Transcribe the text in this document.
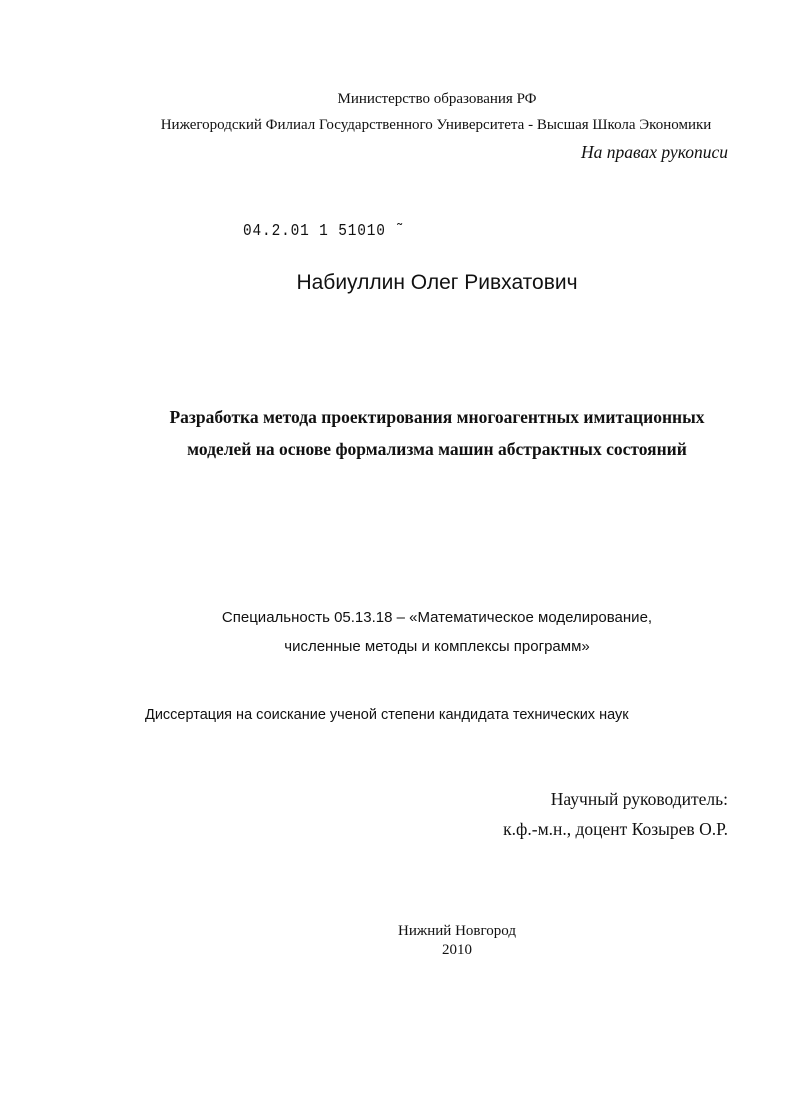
Министерство образования РФ

Нижегородский Филиал Государственного Университета - Высшая Школа Экономики

На правах рукописи

04.2.01 1 51010 ˜

Набиуллин Олег Ривхатович

Разработка метода проектирования многоагентных имитационных
моделей на основе формализма машин абстрактных состояний
Специальность 05.13.18 – «Математическое моделирование,
численные методы и комплексы программ»

Диссертация на соискание ученой степени кандидата технических наук

Научный руководитель:

к.ф.-м.н., доцент Козырев О.Р.

Нижний Новгород

2010
